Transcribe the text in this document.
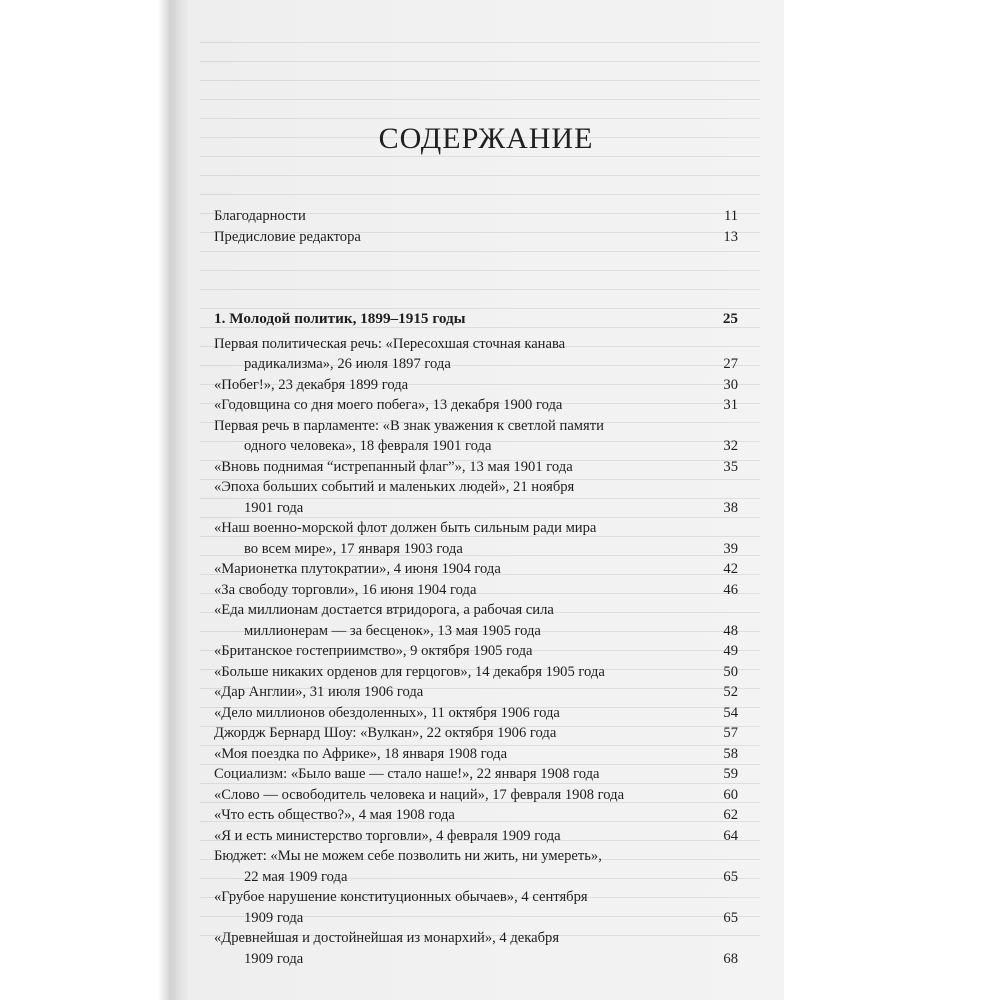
СОДЕРЖАНИЕ
Благодарности	11
Предисловие редактора	13
1. Молодой политик, 1899–1915 годы	25
Первая политическая речь: «Пересохшая сточная канава
радикализма», 26 июля 1897 года	27
«Побег!», 23 декабря 1899 года	30
«Годовщина со дня моего побега», 13 декабря 1900 года	31
Первая речь в парламенте: «В знак уважения к светлой памяти
одного человека», 18 февраля 1901 года	32
«Вновь поднимая “истрепанный флаг”», 13 мая 1901 года	35
«Эпоха больших событий и маленьких людей», 21 ноября
1901 года	38
«Наш военно-морской флот должен быть сильным ради мира
во всем мире», 17 января 1903 года	39
«Марионетка плутократии», 4 июня 1904 года	42
«За свободу торговли», 16 июня 1904 года	46
«Еда миллионам достается втридорога, а рабочая сила
миллионерам — за бесценок», 13 мая 1905 года	48
«Британское гостеприимство», 9 октября 1905 года	49
«Больше никаких орденов для герцогов», 14 декабря 1905 года	50
«Дар Англии», 31 июля 1906 года	52
«Дело миллионов обездоленных», 11 октября 1906 года	54
Джордж Бернард Шоу: «Вулкан», 22 октября 1906 года	57
«Моя поездка по Африке», 18 января 1908 года	58
Социализм: «Было ваше — стало наше!», 22 января 1908 года	59
«Слово — освободитель человека и наций», 17 февраля 1908 года	60
«Что есть общество?», 4 мая 1908 года	62
«Я и есть министерство торговли», 4 февраля 1909 года	64
Бюджет: «Мы не можем себе позволить ни жить, ни умереть»,
22 мая 1909 года	65
«Грубое нарушение конституционных обычаев», 4 сентября
1909 года	65
«Древнейшая и достойнейшая из монархий», 4 декабря
1909 года	68
